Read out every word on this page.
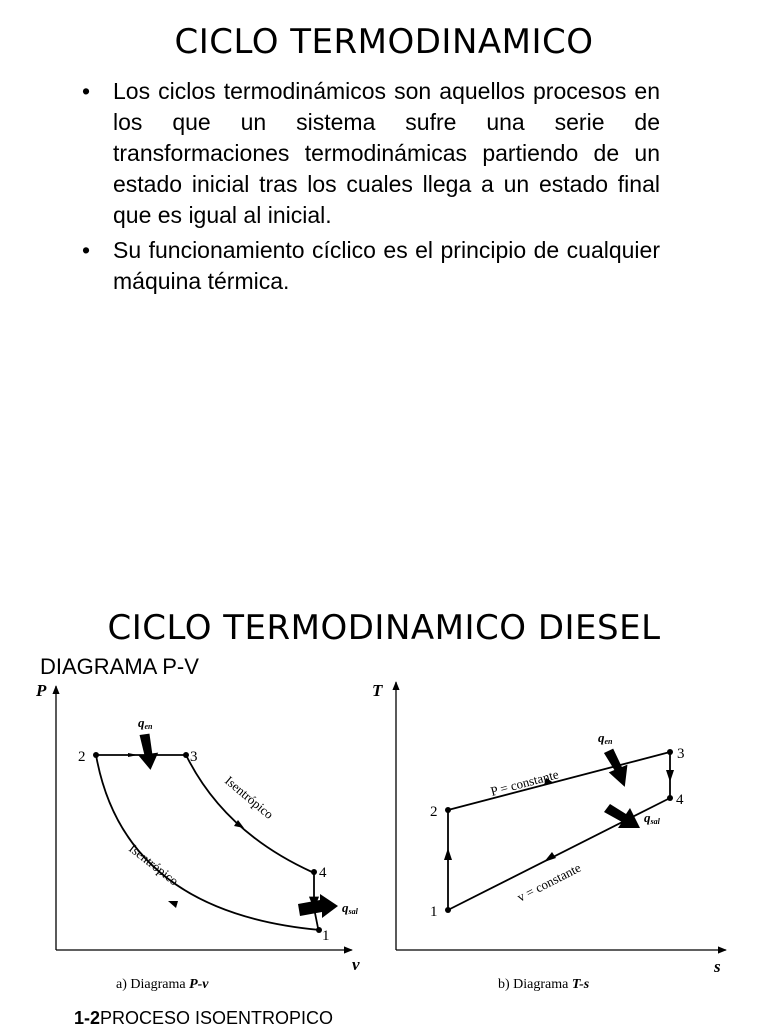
CICLO TERMODINAMICO
• Los ciclos termodinámicos son aquellos procesos en los que un sistema sufre una serie de transformaciones termodinámicas partiendo de un estado inicial tras los cuales llega a un estado final que es igual al inicial.
• Su funcionamiento cíclico es el principio de cualquier máquina térmica.
CICLO TERMODINAMICO DIESEL
DIAGRAMA P-V
P
v
2	3
4
1
qen
qsal
Isentrópico
Isentrópico
a) Diagrama P-v
T
s
1
2
3
4
P = constante
v = constante
qen
qsal
b) Diagrama T-s
1-2PROCESO ISOENTROPICO
